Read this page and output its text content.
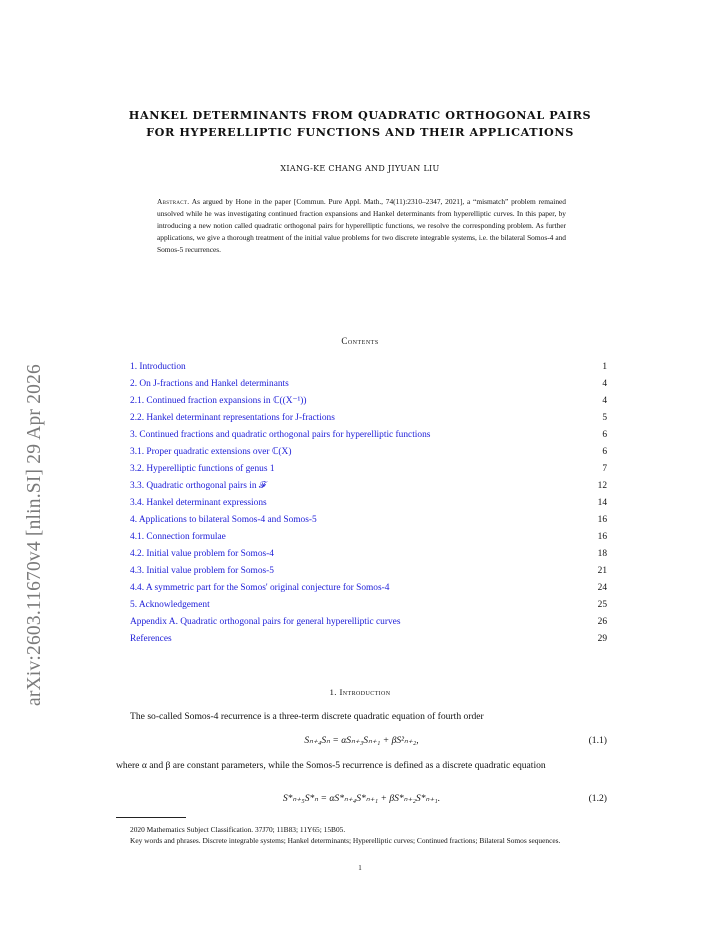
arXiv:2603.11670v4 [nlin.SI] 29 Apr 2026
HANKEL DETERMINANTS FROM QUADRATIC ORTHOGONAL PAIRS
FOR HYPERELLIPTIC FUNCTIONS AND THEIR APPLICATIONS
XIANG-KE CHANG AND JIYUAN LIU
Abstract. As argued by Hone in the paper [Commun. Pure Appl. Math., 74(11):2310–2347, 2021], a “mismatch” problem remained unsolved while he was investigating continued fraction expansions and Hankel determinants from hyperelliptic curves. In this paper, by introducing a new notion called quadratic orthogonal pairs for hyperelliptic functions, we resolve the corresponding problem. As further applications, we give a thorough treatment of the initial value problems for two discrete integrable systems, i.e. the bilateral Somos-4 and Somos-5 recurrences.
Contents
1. Introduction	1
2. On J-fractions and Hankel determinants	4
2.1. Continued fraction expansions in ℂ((X⁻¹))	4
2.2. Hankel determinant representations for J-fractions	5
3. Continued fractions and quadratic orthogonal pairs for hyperelliptic functions	6
3.1. Proper quadratic extensions over ℂ(X)	6
3.2. Hyperelliptic functions of genus 1	7
3.3. Quadratic orthogonal pairs in 𝓕	12
3.4. Hankel determinant expressions	14
4. Applications to bilateral Somos-4 and Somos-5	16
4.1. Connection formulae	16
4.2. Initial value problem for Somos-4	18
4.3. Initial value problem for Somos-5	21
4.4. A symmetric part for the Somos' original conjecture for Somos-4	24
5. Acknowledgement	25
Appendix A. Quadratic orthogonal pairs for general hyperelliptic curves	26
References	29
1. Introduction
The so-called Somos-4 recurrence is a three-term discrete quadratic equation of fourth order
Sₙ₊₄Sₙ = αSₙ₊₃Sₙ₊₁ + βS²ₙ₊₂,	(1.1)
where α and β are constant parameters, while the Somos-5 recurrence is defined as a discrete quadratic equation
S*ₙ₊₅S*ₙ = αS*ₙ₊₄S*ₙ₊₁ + βS*ₙ₊₂S*ₙ₊₁.	(1.2)
2020 Mathematics Subject Classification. 37J70; 11B83; 11Y65; 15B05.
Key words and phrases. Discrete integrable systems; Hankel determinants; Hyperelliptic curves; Continued fractions; Bilateral Somos sequences.
1
